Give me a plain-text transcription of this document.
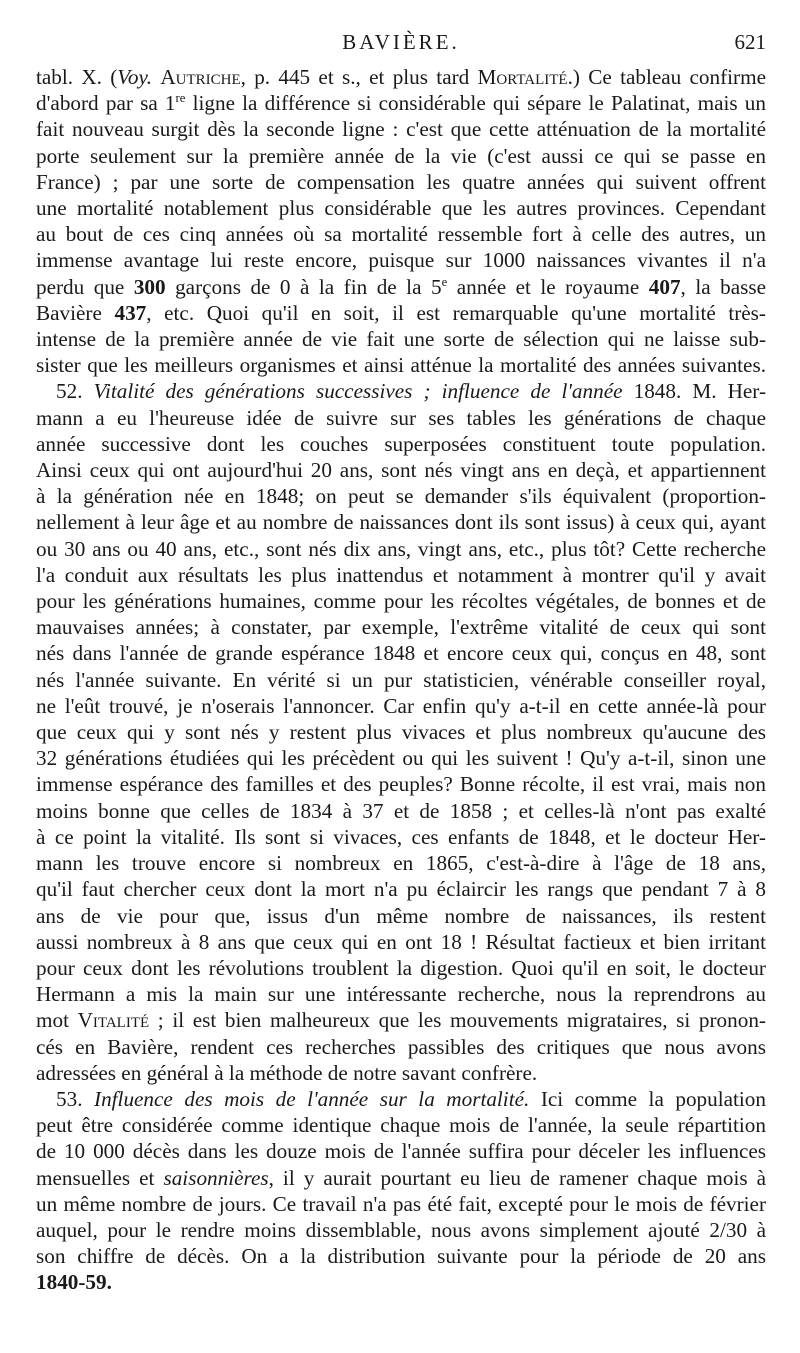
BAVIÈRE.	621

tabl. X. (Voy. Autriche, p. 445 et s., et plus tard Mortalité.) Ce tableau confirme

d'abord par sa 1re ligne la différence si considérable qui sépare le Palatinat, mais un

fait nouveau surgit dès la seconde ligne : c'est que cette atténuation de la mortalité

porte seulement sur la première année de la vie (c'est aussi ce qui se passe en

France) ; par une sorte de compensation les quatre années qui suivent offrent

une mortalité notablement plus considérable que les autres provinces. Cependant

au bout de ces cinq années où sa mortalité ressemble fort à celle des autres, un

immense avantage lui reste encore, puisque sur 1000 naissances vivantes il n'a

perdu que 300 garçons de 0 à la fin de la 5e année et le royaume 407, la basse

Bavière 437, etc. Quoi qu'il en soit, il est remarquable qu'une mortalité très-

intense de la première année de vie fait une sorte de sélection qui ne laisse sub-

sister que les meilleurs organismes et ainsi atténue la mortalité des années suivantes.

52. Vitalité des générations successives ; influence de l'année 1848. M. Her-

mann a eu l'heureuse idée de suivre sur ses tables les générations de chaque

année successive dont les couches superposées constituent toute population.

Ainsi ceux qui ont aujourd'hui 20 ans, sont nés vingt ans en deçà, et appartiennent

à la génération née en 1848; on peut se demander s'ils équivalent (proportion-

nellement à leur âge et au nombre de naissances dont ils sont issus) à ceux qui, ayant

ou 30 ans ou 40 ans, etc., sont nés dix ans, vingt ans, etc., plus tôt? Cette recherche

l'a conduit aux résultats les plus inattendus et notamment à montrer qu'il y avait

pour les générations humaines, comme pour les récoltes végétales, de bonnes et de

mauvaises années; à constater, par exemple, l'extrême vitalité de ceux qui sont

nés dans l'année de grande espérance 1848 et encore ceux qui, conçus en 48, sont

nés l'année suivante. En vérité si un pur statisticien, vénérable conseiller royal,

ne l'eût trouvé, je n'oserais l'annoncer. Car enfin qu'y a-t-il en cette année-là pour

que ceux qui y sont nés y restent plus vivaces et plus nombreux qu'aucune des

32 générations étudiées qui les précèdent ou qui les suivent ! Qu'y a-t-il, sinon une

immense espérance des familles et des peuples? Bonne récolte, il est vrai, mais non

moins bonne que celles de 1834 à 37 et de 1858 ; et celles-là n'ont pas exalté

à ce point la vitalité. Ils sont si vivaces, ces enfants de 1848, et le docteur Her-

mann les trouve encore si nombreux en 1865, c'est-à-dire à l'âge de 18 ans,

qu'il faut chercher ceux dont la mort n'a pu éclaircir les rangs que pendant 7 à 8

ans de vie pour que, issus d'un même nombre de naissances, ils restent

aussi nombreux à 8 ans que ceux qui en ont 18 ! Résultat factieux et bien irritant

pour ceux dont les révolutions troublent la digestion. Quoi qu'il en soit, le docteur

Hermann a mis la main sur une intéressante recherche, nous la reprendrons au

mot Vitalité ; il est bien malheureux que les mouvements migrataires, si pronon-

cés en Bavière, rendent ces recherches passibles des critiques que nous avons

adressées en général à la méthode de notre savant confrère.

53. Influence des mois de l'année sur la mortalité. Ici comme la population

peut être considérée comme identique chaque mois de l'année, la seule répartition

de 10 000 décès dans les douze mois de l'année suffira pour déceler les influences

mensuelles et saisonnières, il y aurait pourtant eu lieu de ramener chaque mois à

un même nombre de jours. Ce travail n'a pas été fait, excepté pour le mois de février

auquel, pour le rendre moins dissemblable, nous avons simplement ajouté 2/30 à

son chiffre de décès. On a la distribution suivante pour la période de 20 ans

1840-59.
